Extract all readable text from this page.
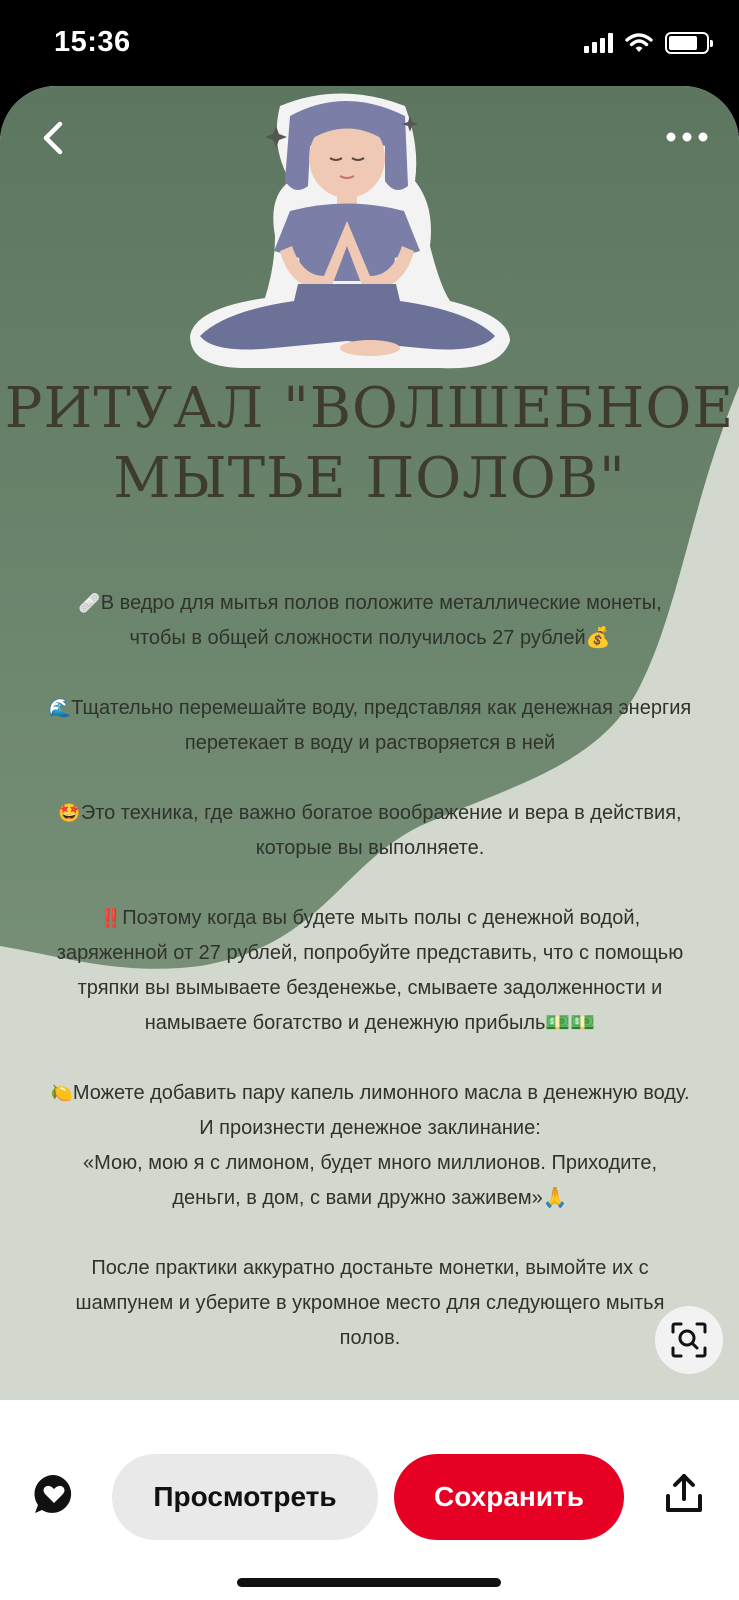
15:36
РИТУАЛ "ВОЛШЕБНОЕ
МЫТЬЕ ПОЛОВ"

🩹В ведро для мытья полов положите металлические монеты,
чтобы в общей сложности получилось 27 рублей💰

🌊Тщательно перемешайте воду, представляя как денежная энергия
перетекает в воду и растворяется в ней

🤩Это техника, где важно богатое воображение и вера в действия,
которые вы выполняете.

‼️Поэтому когда вы будете мыть полы с денежной водой,
заряженной от 27 рублей, попробуйте представить, что с помощью
тряпки вы вымываете безденежье, смываете задолженности и
намываете богатство и денежную прибыль💵💵

🍋Можете добавить пару капель лимонного масла в денежную воду.
И произнести денежное заклинание:
«Мою, мою я с лимоном, будет много миллионов. Приходите,
деньги, в дом, с вами дружно заживем»🙏

После практики аккуратно достаньте монетки, вымойте их с
шампунем и уберите в укромное место для следующего мытья
полов.

Просмотреть	Сохранить
